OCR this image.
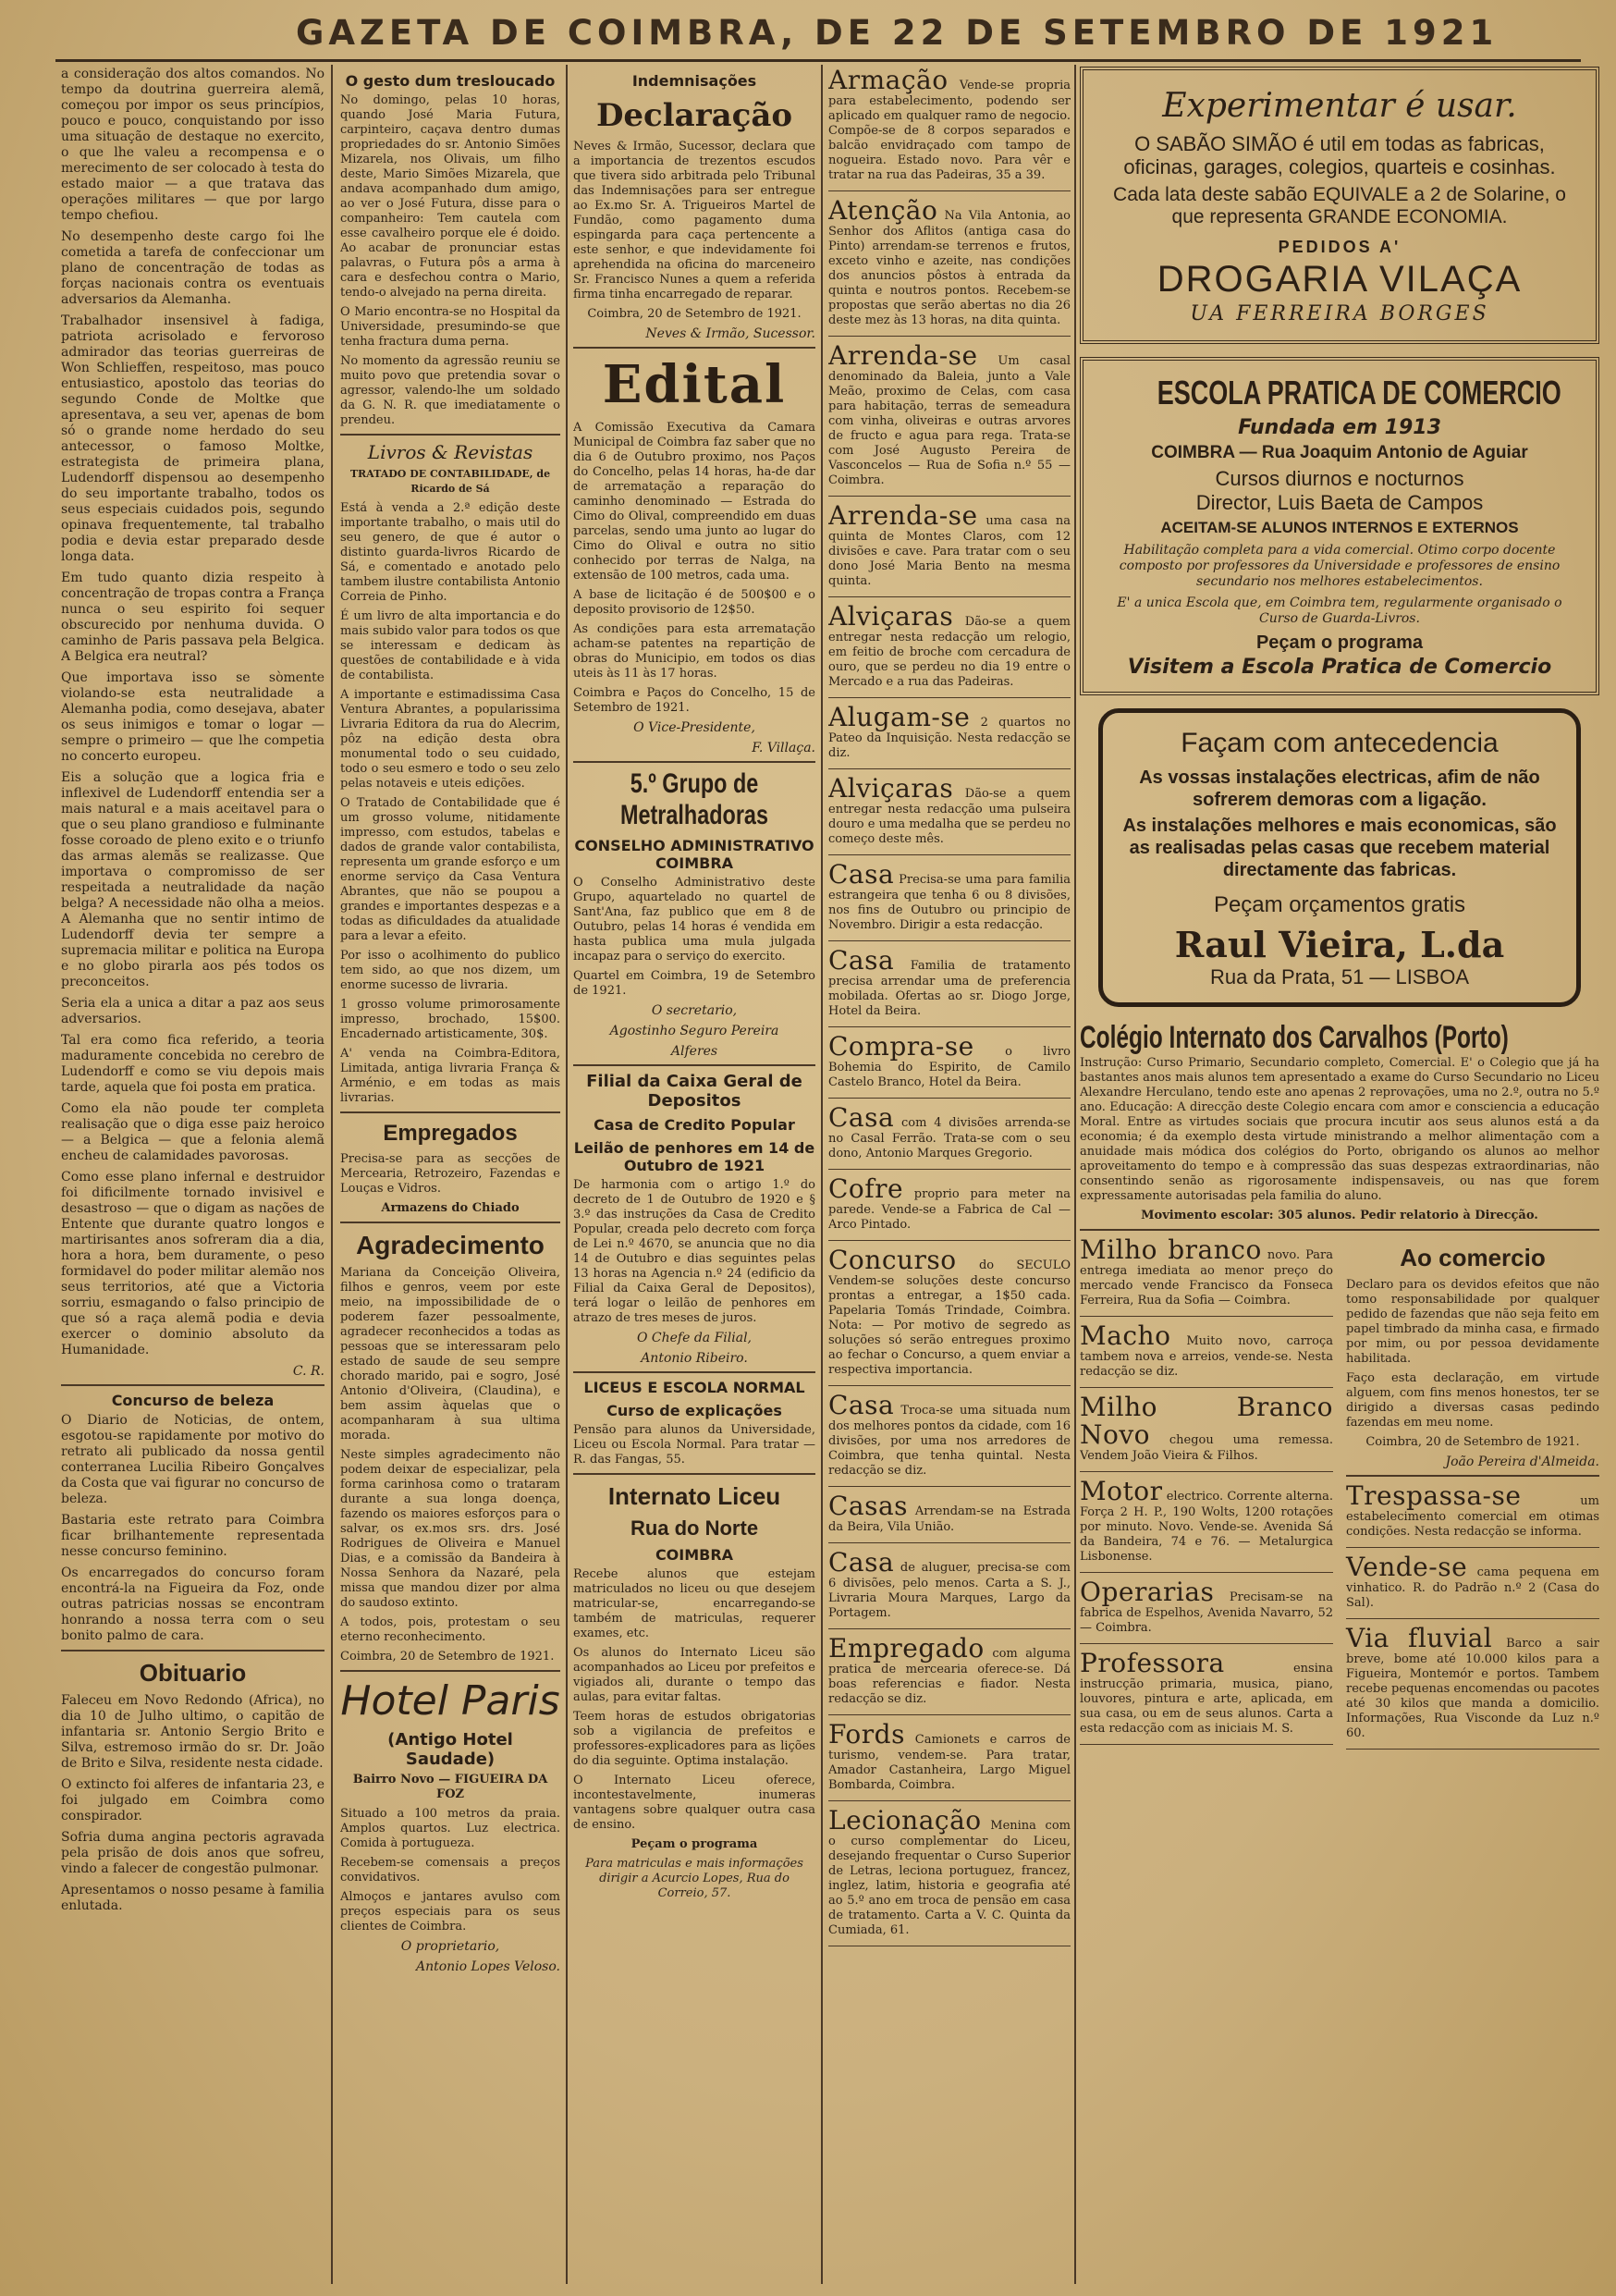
GAZETA DE COIMBRA, DE 22 DE SETEMBRO DE 1921

a consideração dos altos comandos. No tempo da doutrina guerreira alemã, começou por impor os seus princípios, pouco e pouco, conquistando por isso uma situação de destaque no exercito, o que lhe valeu a recompensa e o merecimento de ser colocado à testa do estado maior — a que tratava das operações militares — que por largo tempo chefiou.

No desempenho deste cargo foi lhe cometida a tarefa de confeccionar um plano de concentração de todas as forças nacionais contra os eventuais adversarios da Alemanha.

Trabalhador insensivel à fadiga, patriota acrisolado e fervoroso admirador das teorias guerreiras de Won Schlieffen, respeitoso, mas pouco entusiastico, apostolo das teorias do segundo Conde de Moltke que apresentava, a seu ver, apenas de bom só o grande nome herdado do seu antecessor, o famoso Moltke, estrategista de primeira plana, Ludendorff dispensou ao desempenho do seu importante trabalho, todos os seus especiais cuidados pois, segundo opinava frequentemente, tal trabalho podia e devia estar preparado desde longa data.

Em tudo quanto dizia respeito à concentração de tropas contra a França nunca o seu espirito foi sequer obscurecido por nenhuma duvida. O caminho de Paris passava pela Belgica. A Belgica era neutral?

Que importava isso se sòmente violando-se esta neutralidade a Alemanha podia, como desejava, abater os seus inimigos e tomar o logar — sempre o primeiro — que lhe competia no concerto europeu.

Eis a solução que a logica fria e inflexivel de Ludendorff entendia ser a mais natural e a mais aceitavel para o que o seu plano grandioso e fulminante fosse coroado de pleno exito e o triunfo das armas alemãs se realizasse. Que importava o compromisso de ser respeitada a neutralidade da nação belga? A necessidade não olha a meios. A Alemanha que no sentir intimo de Ludendorff devia ter sempre a supremacia militar e politica na Europa e no globo pirarla aos pés todos os preconceitos.

Seria ela a unica a ditar a paz aos seus adversarios.

Tal era como fica referido, a teoria maduramente concebida no cerebro de Ludendorff e como se viu depois mais tarde, aquela que foi posta em pratica.

Como ela não poude ter completa realisação que o diga esse paiz heroico — a Belgica — que a felonia alemã encheu de calamidades pavorosas.

Como esse plano infernal e destruidor foi dificilmente tornado invisivel e desastroso — que o digam as nações de Entente que durante quatro longos e martirisantes anos sofreram dia a dia, hora a hora, bem duramente, o peso formidavel do poder militar alemão nos seus territorios, até que a Victoria sorriu, esmagando o falso principio de que só a raça alemã podia e devia exercer o dominio absoluto da Humanidade.

C. R.

Concurso de beleza

O Diario de Noticias, de ontem, esgotou-se rapidamente por motivo do retrato ali publicado da nossa gentil conterranea Lucilia Ribeiro Gonçalves da Costa que vai figurar no concurso de beleza.

Bastaria este retrato para Coimbra ficar brilhantemente representada nesse concurso feminino.

Os encarregados do concurso foram encontrá-la na Figueira da Foz, onde outras patricias nossas se encontram honrando a nossa terra com o seu bonito palmo de cara.

Obituario

Faleceu em Novo Redondo (Africa), no dia 10 de Julho ultimo, o capitão de infantaria sr. Antonio Sergio Brito e Silva, estremoso irmão do sr. Dr. João de Brito e Silva, residente nesta cidade.

O extincto foi alferes de infantaria 23, e foi julgado em Coimbra como conspirador.

Sofria duma angina pectoris agravada pela prisão de dois anos que sofreu, vindo a falecer de congestão pulmonar.

Apresentamos o nosso pesame à familia enlutada.

O gesto dum tresloucado

No domingo, pelas 10 horas, quando José Maria Futura, carpinteiro, caçava dentro dumas propriedades do sr. Antonio Simões Mizarela, nos Olivais, um filho deste, Mario Simões Mizarela, que andava acompanhado dum amigo, ao ver o José Futura, disse para o companheiro: Tem cautela com esse cavalheiro porque ele é doido. Ao acabar de pronunciar estas palavras, o Futura pôs a arma à cara e desfechou contra o Mario, tendo-o alvejado na perna direita.

O Mario encontra-se no Hospital da Universidade, presumindo-se que tenha fractura duma perna.

No momento da agressão reuniu se muito povo que pretendia sovar o agressor, valendo-lhe um soldado da G. N. R. que imediatamente o prendeu.

Livros & Revistas
TRATADO DE CONTABILIDADE, de Ricardo de Sá

Está à venda a 2.ª edição deste importante trabalho, o mais util do seu genero, de que é autor o distinto guarda-livros Ricardo de Sá, e comentado e anotado pelo tambem ilustre contabilista Antonio Correia de Pinho.

É um livro de alta importancia e do mais subido valor para todos os que se interessam e dedicam às questões de contabilidade e à vida de contabilista.

A importante e estimadissima Casa Ventura Abrantes, a popularissima Livraria Editora da rua do Alecrim, pôz na edição desta obra monumental todo o seu cuidado, todo o seu esmero e todo o seu zelo pelas notaveis e uteis edições.

O Tratado de Contabilidade que é um grosso volume, nitidamente impresso, com estudos, tabelas e dados de grande valor contabilista, representa um grande esforço e um enorme serviço da Casa Ventura Abrantes, que não se poupou a grandes e importantes despezas e a todas as dificuldades da atualidade para a levar a efeito.

Por isso o acolhimento do publico tem sido, ao que nos dizem, um enorme sucesso de livraria.

1 grosso volume primorosamente impresso, brochado, 15$00. Encadernado artisticamente, 30$.

A' venda na Coimbra-Editora, Limitada, antiga livraria França & Arménio, e em todas as mais livrarias.

Empregados

Precisa-se para as secções de Mercearia, Retrozeiro, Fazendas e Louças e Vidros.

Armazens do Chiado

Agradecimento

Mariana da Conceição Oliveira, filhos e genros, veem por este meio, na impossibilidade de o poderem fazer pessoalmente, agradecer reconhecidos a todas as pessoas que se interessaram pelo estado de saude de seu sempre chorado marido, pai e sogro, José Antonio d'Oliveira, (Claudina), e bem assim àquelas que o acompanharam à sua ultima morada.

Neste simples agradecimento não podem deixar de especializar, pela forma carinhosa como o trataram durante a sua longa doença, fazendo os maiores esforços para o salvar, os ex.mos srs. drs. José Rodrigues de Oliveira e Manuel Dias, e a comissão da Bandeira à Nossa Senhora da Nazaré, pela missa que mandou dizer por alma do saudoso extinto.

A todos, pois, protestam o seu eterno reconhecimento.

Coimbra, 20 de Setembro de 1921.

Hotel Paris
(Antigo Hotel Saudade)
Bairro Novo — FIGUEIRA DA FOZ

Situado a 100 metros da praia. Amplos quartos. Luz electrica. Comida à portugueza.

Recebem-se comensais a preços convidativos.

Almoços e jantares avulso com preços especiais para os seus clientes de Coimbra.

O proprietario,

Antonio Lopes Veloso.

Indemnisações
Declaração

Neves & Irmão, Sucessor, declara que a importancia de trezentos escudos que tivera sido arbitrada pelo Tribunal das Indemnisações para ser entregue ao Ex.mo Sr. A. Trigueiros Martel de Fundão, como pagamento duma espingarda para caça pertencente a este senhor, e que indevidamente foi aprehendida na oficina do marceneiro Sr. Francisco Nunes a quem a referida firma tinha encarregado de reparar.

Coimbra, 20 de Setembro de 1921.

Neves & Irmão, Sucessor.

Edital

A Comissão Executiva da Camara Municipal de Coimbra faz saber que no dia 6 de Outubro proximo, nos Paços do Concelho, pelas 14 horas, ha-de dar de arrematação a reparação do caminho denominado — Estrada do Cimo do Olival, compreendido em duas parcelas, sendo uma junto ao lugar do Cimo do Olival e outra no sitio conhecido por terras de Nalga, na extensão de 100 metros, cada uma.

A base de licitação é de 500$00 e o deposito provisorio de 12$50.

As condições para esta arrematação acham-se patentes na repartição de obras do Municipio, em todos os dias uteis às 11 às 17 horas.

Coimbra e Paços do Concelho, 15 de Setembro de 1921.

O Vice-Presidente,

F. Villaça.

5.º Grupo de Metralhadoras
CONSELHO ADMINISTRATIVO COIMBRA

O Conselho Administrativo deste Grupo, aquartelado no quartel de Sant'Ana, faz publico que em 8 de Outubro, pelas 14 horas é vendida em hasta publica uma mula julgada incapaz para o serviço do exercito.

Quartel em Coimbra, 19 de Setembro de 1921.

O secretario,

Agostinho Seguro Pereira

Alferes

Filial da Caixa Geral de Depositos
Casa de Credito Popular
Leilão de penhores em 14 de Outubro de 1921

De harmonia com o artigo 1.º do decreto de 1 de Outubro de 1920 e § 3.º das instruções da Casa de Credito Popular, creada pelo decreto com força de Lei n.º 4670, se anuncia que no dia 14 de Outubro e dias seguintes pelas 13 horas na Agencia n.º 24 (edificio da Filial da Caixa Geral de Depositos), terá logar o leilão de penhores em atrazo de tres meses de juros.

O Chefe da Filial,

Antonio Ribeiro.

LICEUS E ESCOLA NORMAL
Curso de explicações

Pensão para alunos da Universidade, Liceu ou Escola Normal. Para tratar — R. das Fangas, 55.

Internato Liceu
Rua do Norte
COIMBRA

Recebe alunos que estejam matriculados no liceu ou que desejem matricular-se, encarregando-se também de matriculas, requerer exames, etc.

Os alunos do Internato Liceu são acompanhados ao Liceu por prefeitos e vigiados ali, durante o tempo das aulas, para evitar faltas.

Teem horas de estudos obrigatorias sob a vigilancia de prefeitos e professores-explicadores para as lições do dia seguinte. Optima instalação.

O Internato Liceu oferece, incontestavelmente, inumeras vantagens sobre qualquer outra casa de ensino.

Peçam o programa

Para matriculas e mais informações dirigir a Acurcio Lopes, Rua do Correio, 57.

Armação Vende-se propria para estabelecimento, podendo ser aplicado em qualquer ramo de negocio. Compõe-se de 8 corpos separados e balcão envidraçado com tampo de nogueira. Estado novo. Para vêr e tratar na rua das Padeiras, 35 a 39.

Atenção Na Vila Antonia, ao Senhor dos Aflitos (antiga casa do Pinto) arrendam-se terrenos e frutos, exceto vinho e azeite, nas condições dos anuncios pôstos à entrada da quinta e noutros pontos. Recebem-se propostas que serão abertas no dia 26 deste mez às 13 horas, na dita quinta.

Arrenda-se Um casal denominado da Baleia, junto a Vale Meão, proximo de Celas, com casa para habitação, terras de semeadura com vinha, oliveiras e outras arvores de fructo e agua para rega. Trata-se com José Augusto Pereira de Vasconcelos — Rua de Sofia n.º 55 — Coimbra.

Arrenda-se uma casa na quinta de Montes Claros, com 12 divisões e cave. Para tratar com o seu dono José Maria Bento na mesma quinta.

Alviçaras Dão-se a quem entregar nesta redacção um relogio, em feitio de broche com cercadura de ouro, que se perdeu no dia 19 entre o Mercado e a rua das Padeiras.

Alugam-se 2 quartos no Pateo da Inquisição. Nesta redacção se diz.

Alviçaras Dão-se a quem entregar nesta redacção uma pulseira douro e uma medalha que se perdeu no começo deste mês.

Casa Precisa-se uma para familia estrangeira que tenha 6 ou 8 divisões, nos fins de Outubro ou principio de Novembro. Dirigir a esta redacção.

Casa Familia de tratamento precisa arrendar uma de preferencia mobilada. Ofertas ao sr. Diogo Jorge, Hotel da Beira.

Compra-se	o livro Bohemia do Espirito, de Camilo Castelo Branco, Hotel da Beira.

Casa com 4 divisões arrenda-se no Casal Ferrão. Trata-se com o seu dono, Antonio Marques Gregorio.

Cofre proprio para meter na parede. Vende-se a Fabrica de Cal — Arco Pintado.

Concurso do SECULO Vendem-se soluções deste concurso prontas a entregar, a 1$50 cada. Papelaria Tomás Trindade, Coimbra. Nota: — Por motivo de segredo as soluções só serão entregues proximo ao fechar o Concurso, a quem enviar a respectiva importancia.

Casa Troca-se uma situada num dos melhores pontos da cidade, com 16 divisões, por uma nos arredores de Coimbra, que tenha quintal. Nesta redacção se diz.

Casas Arrendam-se na Estrada da Beira, Vila União.

Casa de aluguer, precisa-se com 6 divisões, pelo menos. Carta a S. J., Livraria Moura Marques, Largo da Portagem.

Empregado com alguma pratica de mercearia oferece-se. Dá boas referencias e fiador. Nesta redacção se diz.

Fords Camionets e carros de turismo, vendem-se. Para tratar, Amador Castanheira, Largo Miguel Bombarda, Coimbra.

Lecionação Menina com o curso complementar do Liceu, desejando frequentar o Curso Superior de Letras, leciona portuguez, francez, inglez, latim, historia e geografia até ao 5.º ano em troca de pensão em casa de tratamento. Carta a V. C. Quinta da Cumiada, 61.

Experimentar é usar.
O SABÃO SIMÃO é util em todas as fabricas, oficinas, garages, colegios, quarteis e cosinhas.
Cada lata deste sabão EQUIVALE a 2 de Solarine, o que representa GRANDE ECONOMIA.
PEDIDOS A'
DROGARIA VILAÇA
UA FERREIRA BORGES
ESCOLA PRATICA DE COMERCIO
Fundada em 1913
COIMBRA — Rua Joaquim Antonio de Aguiar
Cursos diurnos e nocturnos
Director, Luis Baeta de Campos
ACEITAM-SE ALUNOS INTERNOS E EXTERNOS
Habilitação completa para a vida comercial. Otimo corpo docente composto por professores da Universidade e professores de ensino secundario nos melhores estabelecimentos.
E' a unica Escola que, em Coimbra tem, regularmente organisado o Curso de Guarda-Livros.
Peçam o programa
Visitem a Escola Pratica de Comercio
Façam com antecedencia
As vossas instalações electricas, afim de não sofrerem demoras com a ligação.
As instalações melhores e mais economicas, são as realisadas pelas casas que recebem material directamente das fabricas.
Peçam orçamentos gratis
Raul Vieira, L.da
Rua da Prata, 51 — LISBOA
Colégio Internato dos Carvalhos (Porto)

Instrução: Curso Primario, Secundario completo, Comercial. E' o Colegio que já ha bastantes anos mais alunos tem apresentado a exame do Curso Secundario no Liceu Alexandre Herculano, tendo este ano apenas 2 reprovações, uma no 2.º, outra no 5.º ano. Educação: A direcção deste Colegio encara com amor e consciencia a educação Moral. Entre as virtudes sociais que procura incutir aos seus alunos está a da economia; é da exemplo desta virtude ministrando a melhor alimentação com a anuidade mais módica dos colégios do Porto, obrigando os alunos ao melhor aproveitamento do tempo e à compressão das suas despezas extraordinarias, não consentindo senão as rigorosamente indispensaveis, ou nas que forem expressamente autorisadas pela familia do aluno.

Movimento escolar: 305 alunos. Pedir relatorio à Direcção.

Milho branco novo. Para entrega imediata ao menor preço do mercado vende Francisco da Fonseca Ferreira, Rua da Sofia — Coimbra.

Macho Muito novo, carroça tambem nova e arreios, vende-se. Nesta redacção se diz.

Milho Branco Novo chegou uma remessa. Vendem João Vieira & Filhos.

Motor electrico. Corrente alterna. Força 2 H. P., 190 Wolts, 1200 rotações por minuto. Novo. Vende-se. Avenida Sá da Bandeira, 74 e 76. — Metalurgica Lisbonense.

Operarias Precisam-se na fabrica de Espelhos, Avenida Navarro, 52 — Coimbra.

Professora	ensina instrucção primaria, musica, piano, louvores, pintura e arte, aplicada, em sua casa, ou em de seus alunos. Carta a esta redacção com as iniciais M. S.

Ao comercio

Declaro para os devidos efeitos que não tomo responsabilidade por qualquer pedido de fazendas que não seja feito em papel timbrado da minha casa, e firmado por mim, ou por pessoa devidamente habilitada.

Faço esta declaração, em virtude alguem, com fins menos honestos, ter se dirigido a diversas casas pedindo fazendas em meu nome.

Coimbra, 20 de Setembro de 1921.

João Pereira d'Almeida.

Trespassa-se	um estabelecimento comercial em otimas condições. Nesta redacção se informa.

Vende-se cama pequena em vinhatico. R. do Padrão n.º 2 (Casa do Sal).

Via fluvial Barco a sair breve, bome até 10.000 kilos para a Figueira, Montemór e portos. Tambem recebe pequenas encomendas ou pacotes até 30 kilos que manda a domicilio. Informações, Rua Visconde da Luz n.º 60.
